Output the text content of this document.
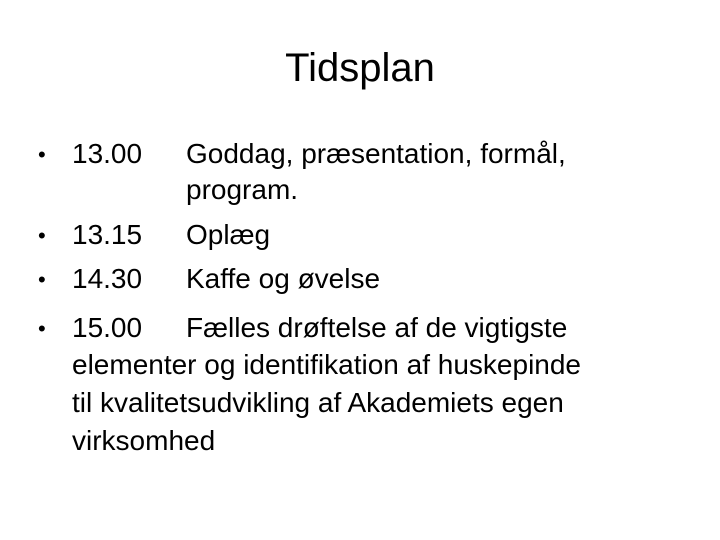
Tidsplan
• 13.00 Goddag, præsentation, formål,
program.
• 13.15 Oplæg
• 14.30 Kaffe og øvelse
• 15.00 Fælles drøftelse af de vigtigste
elementer og identifikation af huskepinde
til kvalitetsudvikling af Akademiets egen
virksomhed
